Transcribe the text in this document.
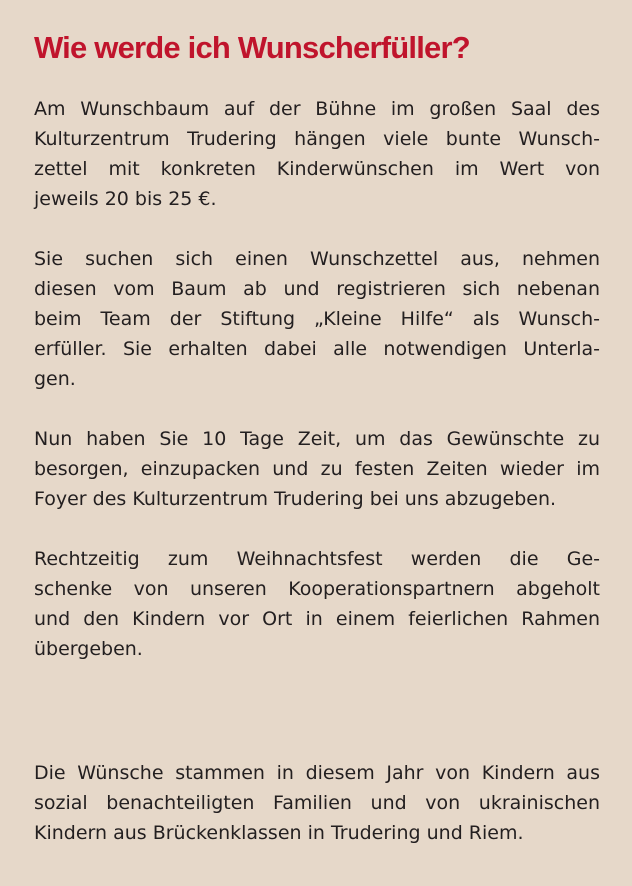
Wie werde ich Wunscherfüller?

Am Wunschbaum auf der Bühne im großen Saal des
Kulturzentrum Trudering hängen viele bunte Wunsch-
zettel mit konkreten Kinderwünschen im Wert von
jeweils 20 bis 25 €.

Sie suchen sich einen Wunschzettel aus, nehmen
diesen vom Baum ab und registrieren sich nebenan
beim Team der Stiftung „Kleine Hilfe“ als Wunsch-
erfüller. Sie erhalten dabei alle notwendigen Unterla-
gen.

Nun haben Sie 10 Tage Zeit, um das Gewünschte zu
besorgen, einzupacken und zu festen Zeiten wieder im
Foyer des Kulturzentrum Trudering bei uns abzugeben.

Rechtzeitig zum Weihnachtsfest werden die Ge-
schenke von unseren Kooperationspartnern abgeholt
und den Kindern vor Ort in einem feierlichen Rahmen
übergeben.

Die Wünsche stammen in diesem Jahr von Kindern aus
sozial benachteiligten Familien und von ukrainischen
Kindern aus Brückenklassen in Trudering und Riem.
